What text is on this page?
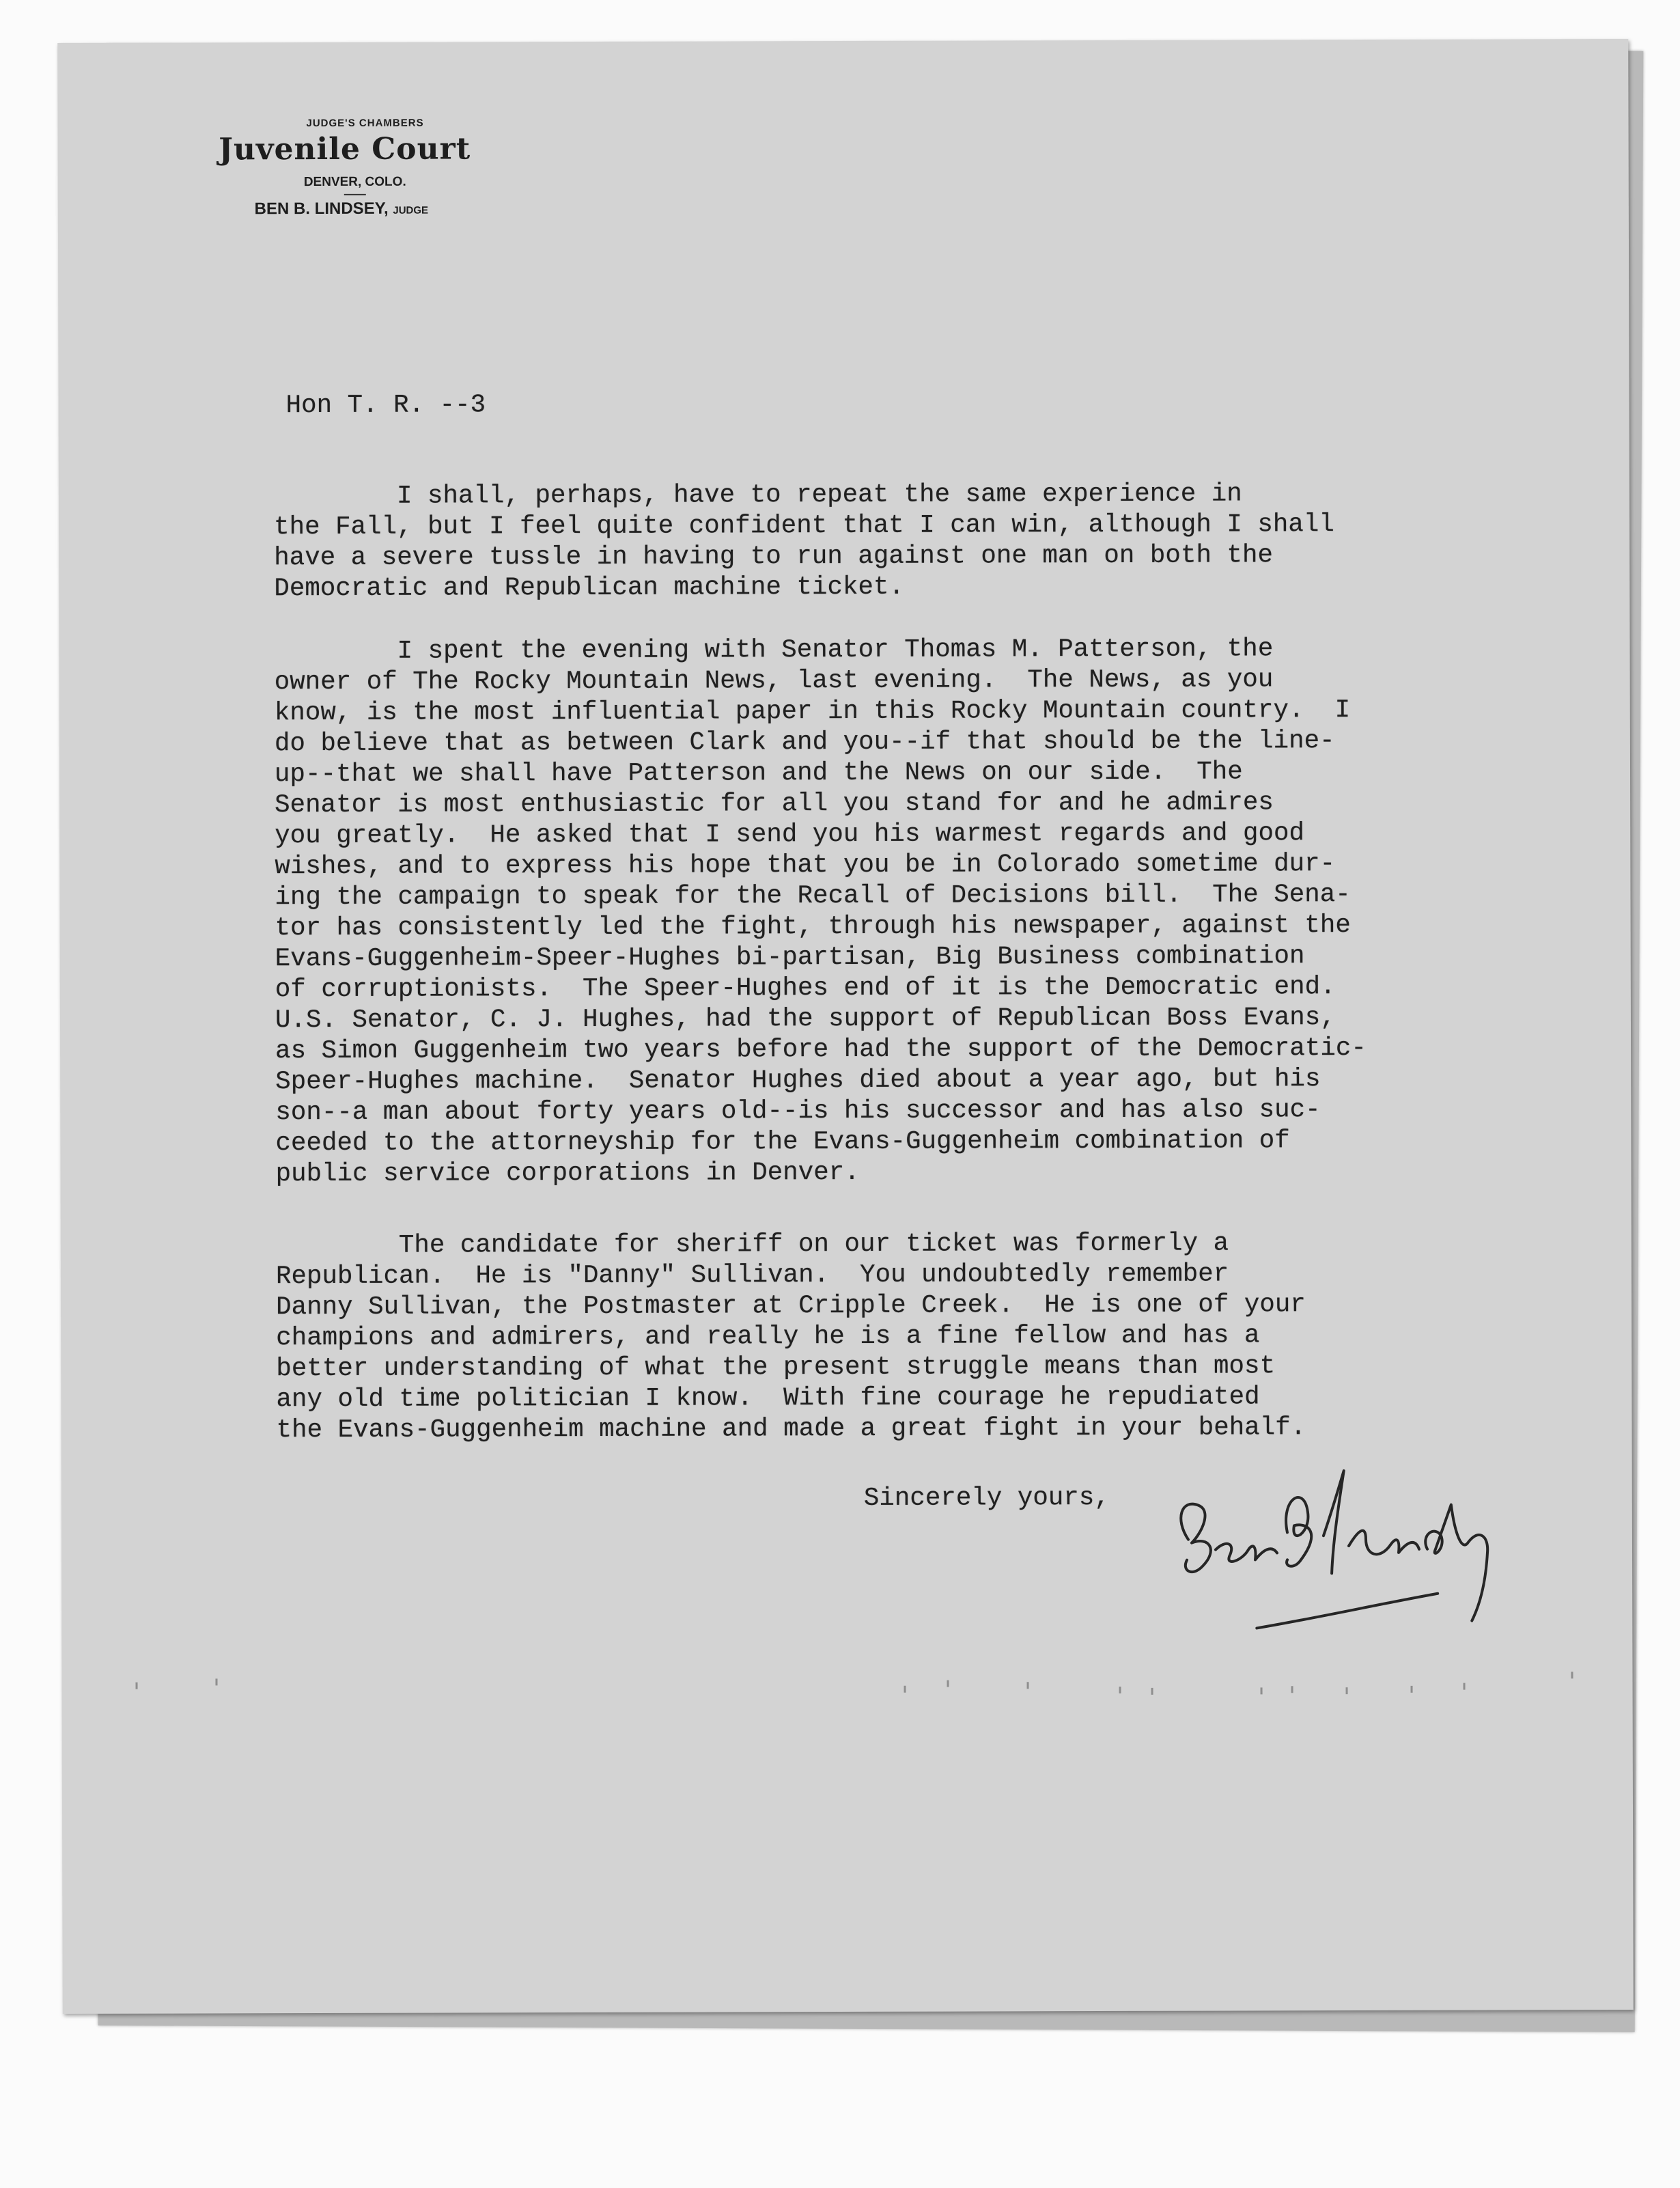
JUDGE'S CHAMBERS
Juvenile Court
DENVER, COLO.
BEN B. LINDSEY, JUDGE
Hon T. R. --3
I shall, perhaps, have to repeat the same experience in
the Fall, but I feel quite confident that I can win, although I shall
have a severe tussle in having to run against one man on both the
Democratic and Republican machine ticket.
I spent the evening with Senator Thomas M. Patterson, the
owner of The Rocky Mountain News, last evening.  The News, as you
know, is the most influential paper in this Rocky Mountain country.  I
do believe that as between Clark and you--if that should be the line-
up--that we shall have Patterson and the News on our side.  The
Senator is most enthusiastic for all you stand for and he admires
you greatly.  He asked that I send you his warmest regards and good
wishes, and to express his hope that you be in Colorado sometime dur-
ing the campaign to speak for the Recall of Decisions bill.  The Sena-
tor has consistently led the fight, through his newspaper, against the
Evans-Guggenheim-Speer-Hughes bi-partisan, Big Business combination
of corruptionists.  The Speer-Hughes end of it is the Democratic end.
U.S. Senator, C. J. Hughes, had the support of Republican Boss Evans,
as Simon Guggenheim two years before had the support of the Democratic-
Speer-Hughes machine.  Senator Hughes died about a year ago, but his
son--a man about forty years old--is his successor and has also suc-
ceeded to the attorneyship for the Evans-Guggenheim combination of
public service corporations in Denver.
The candidate for sheriff on our ticket was formerly a
Republican.  He is "Danny" Sullivan.  You undoubtedly remember
Danny Sullivan, the Postmaster at Cripple Creek.  He is one of your
champions and admirers, and really he is a fine fellow and has a
better understanding of what the present struggle means than most
any old time politician I know.  With fine courage he repudiated
the Evans-Guggenheim machine and made a great fight in your behalf.
Sincerely yours,
